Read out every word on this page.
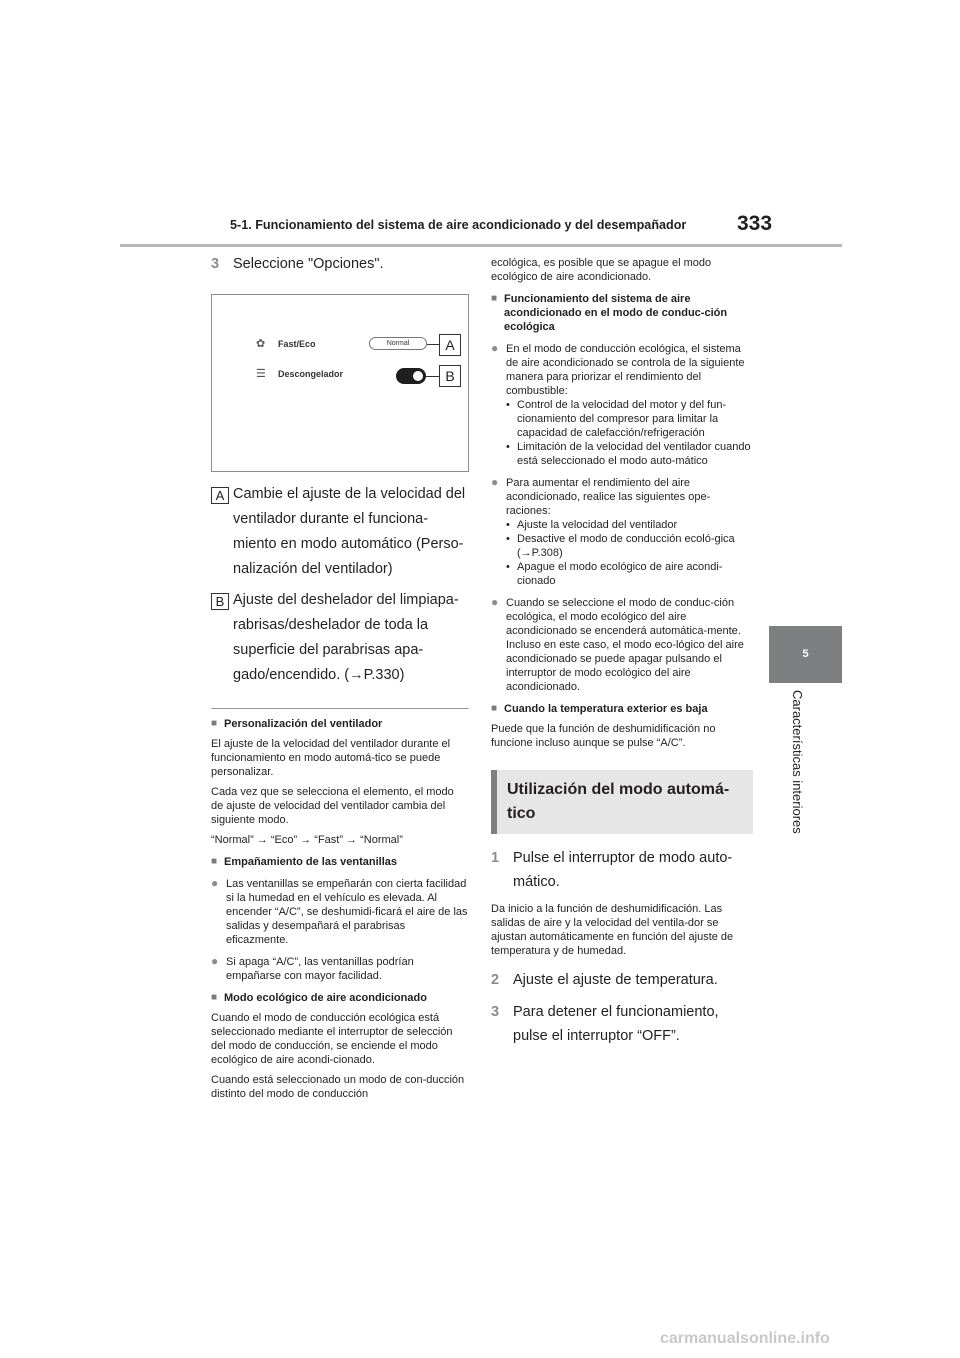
5-1. Funcionamiento del sistema de aire acondicionado y del desempañador 333
5
Características interiores
3 Seleccione "Opciones".
✿	Fast/Eco	Normal
☰	Descongelador
A
B
A Cambie el ajuste de la velocidad del ventilador durante el funciona-miento en modo automático (Perso-nalización del ventilador)
B Ajuste del deshelador del limpiapa-rabrisas/deshelador de toda la superficie del parabrisas apa-gado/encendido. (→P.330)
■ Personalización del ventilador
El ajuste de la velocidad del ventilador durante el funcionamiento en modo automá-tico se puede personalizar.
Cada vez que se selecciona el elemento, el modo de ajuste de velocidad del ventilador cambia del siguiente modo.
“Normal” → “Eco” → “Fast” → “Normal”
■ Empañamiento de las ventanillas
● Las ventanillas se empeñarán con cierta facilidad si la humedad en el vehículo es elevada. Al encender “A/C”, se deshumidi-ficará el aire de las salidas y desempañará el parabrisas eficazmente.
● Si apaga “A/C”, las ventanillas podrían empañarse con mayor facilidad.
■ Modo ecológico de aire acondicionado
Cuando el modo de conducción ecológica está seleccionado mediante el interruptor de selección del modo de conducción, se enciende el modo ecológico de aire acondi-cionado.
Cuando está seleccionado un modo de con-ducción distinto del modo de conducción
ecológica, es posible que se apague el modo ecológico de aire acondicionado.
■ Funcionamiento del sistema de aire acondicionado en el modo de conduc-ción ecológica
● En el modo de conducción ecológica, el sistema de aire acondicionado se controla de la siguiente manera para priorizar el rendimiento del combustible:
• Control de la velocidad del motor y del fun-cionamiento del compresor para limitar la capacidad de calefacción/refrigeración
• Limitación de la velocidad del ventilador cuando está seleccionado el modo auto-mático
● Para aumentar el rendimiento del aire acondicionado, realice las siguientes ope-raciones:
• Ajuste la velocidad del ventilador
• Desactive el modo de conducción ecoló-gica (→P.308)
• Apague el modo ecológico de aire acondi-cionado
● Cuando se seleccione el modo de conduc-ción ecológica, el modo ecológico del aire acondicionado se encenderá automática-mente. Incluso en este caso, el modo eco-lógico del aire acondicionado se puede apagar pulsando el interruptor de modo ecológico del aire acondicionado.
■ Cuando la temperatura exterior es baja
Puede que la función de deshumidificación no funcione incluso aunque se pulse “A/C”.
Utilización del modo automá-tico
1 Pulse el interruptor de modo auto-mático.
Da inicio a la función de deshumidificación. Las salidas de aire y la velocidad del ventila-dor se ajustan automáticamente en función del ajuste de temperatura y de humedad.
2 Ajuste el ajuste de temperatura.
3 Para detener el funcionamiento, pulse el interruptor “OFF”.
carmanualsonline.info
